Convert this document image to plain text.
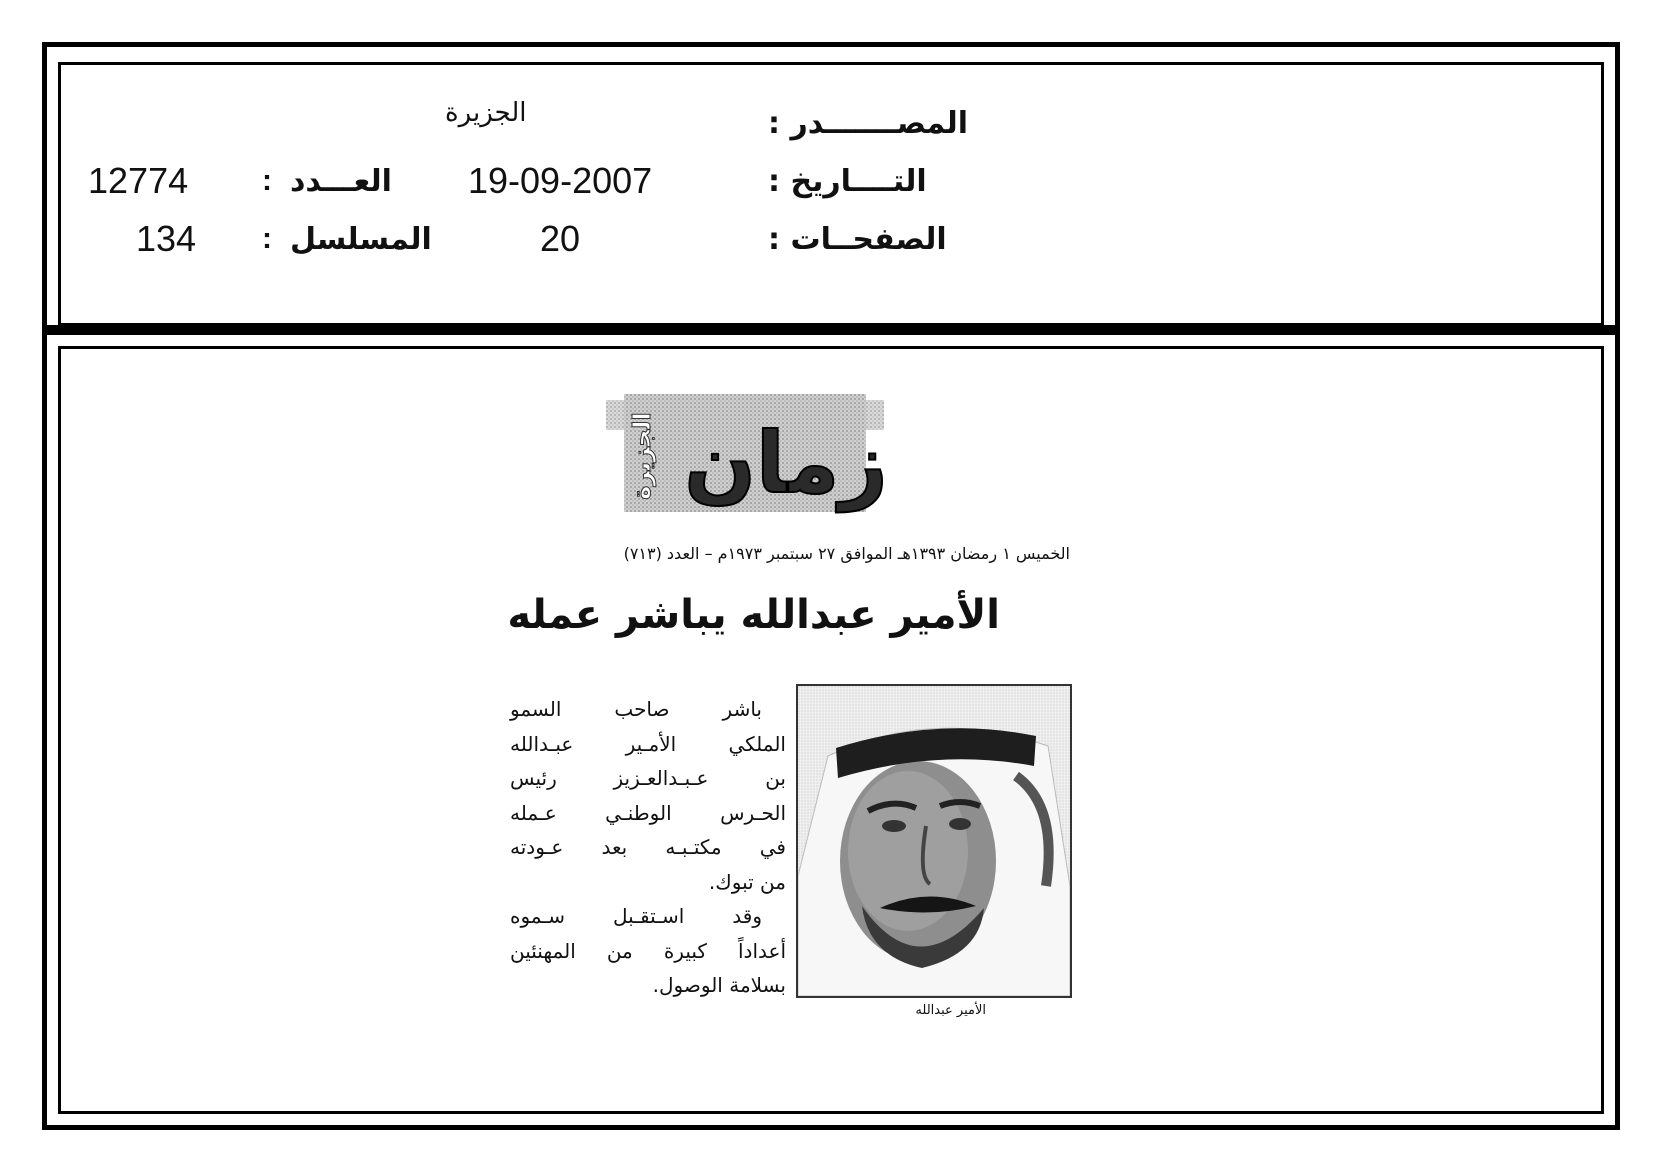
المصـــــــدر :
الجزيرة
التــــاريخ :
19-09-2007
العـــدد
:
12774
الصفحــات :
20
المسلسل
:
134
زمان
الجزيرة
الخميس ١ رمضان ١٣٩٣هـ الموافق ٢٧ سبتمبر ١٩٧٣م – العدد (٧١٣)
الأمير عبدالله يباشر عمله
الأمير عبدالله
باشر صاحب السمو
الملكي الأمـير عبـدالله
بن عـبـدالعـزيز رئيس
الحـرس الوطنـي عـمله
في مكتـبـه بعد عـودته
من تبوك.
وقد اسـتقـبل سـموه
أعداداً كبيرة من المهنئين
بسلامة الوصول.
